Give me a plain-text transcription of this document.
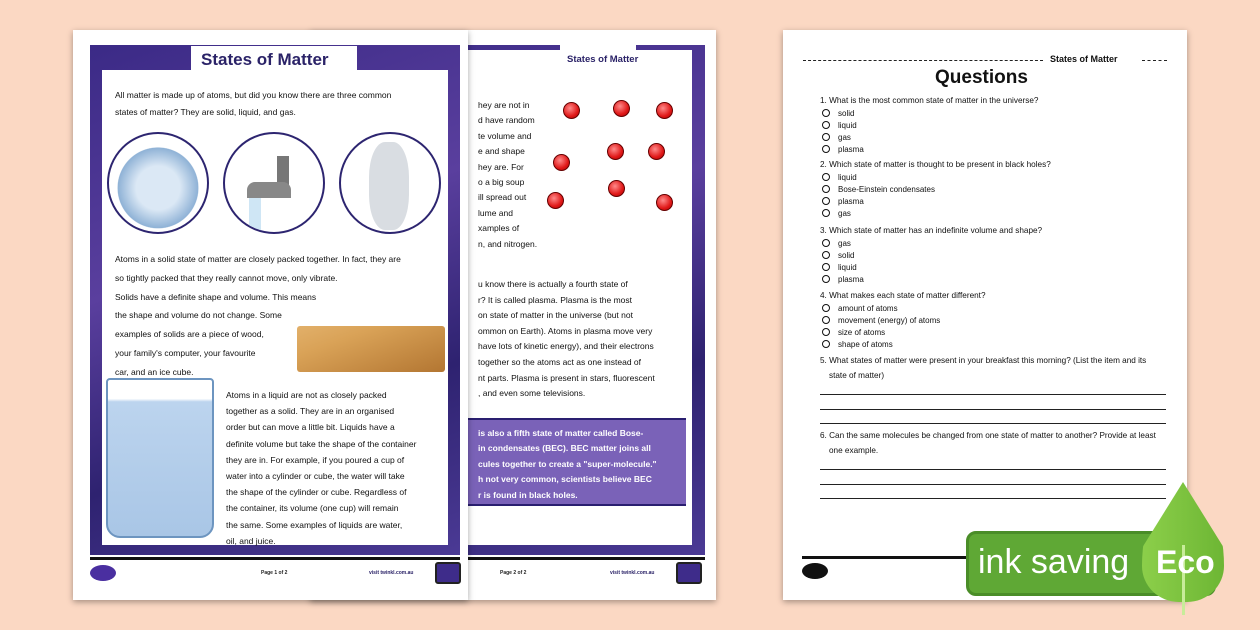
States of Matter
hey are not in
d have random
te volume and
e and shape
hey are. For
o a big soup
ill spread out
lume and
xamples of
n, and nitrogen.
u know there is actually a fourth state of
r? It is called plasma. Plasma is the most
on state of matter in the universe (but not
ommon on Earth). Atoms in plasma move very
have lots of kinetic energy), and their electrons
together so the atoms act as one instead of
nt parts. Plasma is present in stars, fluorescent
, and even some televisions.
is also a fifth state of matter called Bose-
in condensates (BEC). BEC matter joins all
cules together to create a "super-molecule."
h not very common, scientists believe BEC
r is found in black holes.
Page 2 of 2	visit twinkl.com.au
States of Matter
All matter is made up of atoms, but did you know there are three common
states of matter? They are solid, liquid, and gas.
Atoms in a solid state of matter are closely packed together. In fact, they are
so tightly packed that they really cannot move, only vibrate.
Solids have a definite shape and volume. This means
the shape and volume do not change. Some
examples of solids are a piece of wood,
your family's computer, your favourite
car, and an ice cube.
Atoms in a liquid are not as closely packed
together as a solid. They are in an organised
order but can move a little bit. Liquids have a
definite volume but take the shape of the container
they are in. For example, if you poured a cup of
water into a cylinder or cube, the water will take
the shape of the cylinder or cube. Regardless of
the container, its volume (one cup) will remain
the same. Some examples of liquids are water,
oil, and juice.
Page 1 of 2	visit twinkl.com.au
States of Matter
Questions
1. What is the most common state of matter in the universe?
solid
liquid
gas
plasma
2. Which state of matter is thought to be present in black holes?
liquid
Bose-Einstein condensates
plasma
gas
3. Which state of matter has an indefinite volume and shape?
gas
solid
liquid
plasma
4. What makes each state of matter different?
amount of atoms
movement (energy) of atoms
size of atoms
shape of atoms
5. What states of matter were present in your breakfast this morning? (List the item and its
state of matter)
6. Can the same molecules be changed from one state of matter to another? Provide at least
one example.
ink saving Eco
